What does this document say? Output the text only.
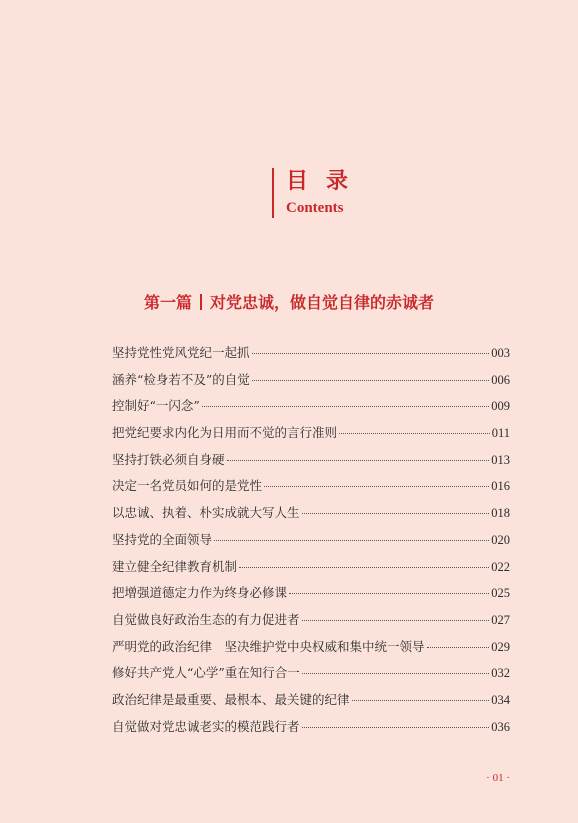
目录
Contents
第一篇 对党忠诚，做自觉自律的赤诚者
坚持党性党风党纪一起抓	003
涵养“检身若不及”的自觉	006
控制好“一闪念”	009
把党纪要求内化为日用而不觉的言行准则	011
坚持打铁必须自身硬	013
决定一名党员如何的是党性	016
以忠诚、执着、朴实成就大写人生	018
坚持党的全面领导	020
建立健全纪律教育机制	022
把增强道德定力作为终身必修课	025
自觉做良好政治生态的有力促进者	027
严明党的政治纪律　坚决维护党中央权威和集中统一领导	029
修好共产党人“心学”重在知行合一	032
政治纪律是最重要、最根本、最关键的纪律	034
自觉做对党忠诚老实的模范践行者	036
· 01 ·
